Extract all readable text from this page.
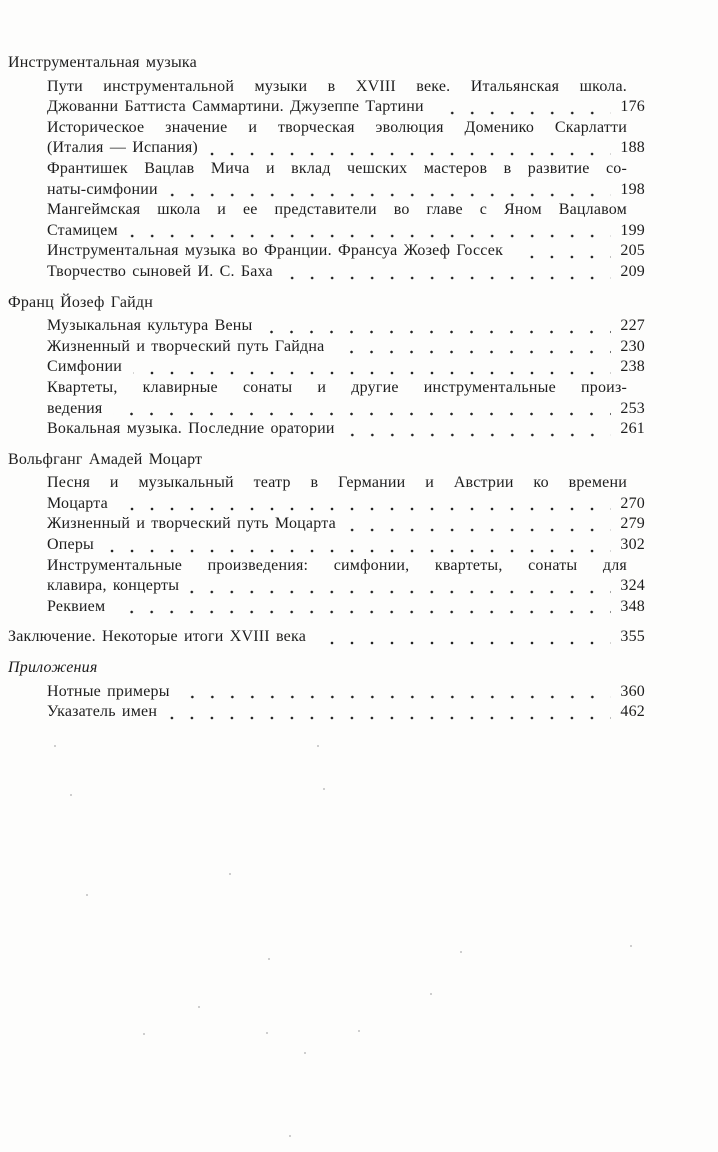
Инструментальная музыка
Пути инструментальной музыки в XVIII веке. Итальянская школа.
Джованни Баттиста Саммартини. Джузеппе Тартини	176
Историческое значение и творческая эволюция Доменико Скарлатти
(Италия — Испания)	188
Франтишек Вацлав Мича и вклад чешских мастеров в развитие со-
наты-симфонии	198
Мангеймская школа и ее представители во главе с Яном Вацлавом
Стамицем	199
Инструментальная музыка во Франции. Франсуа Жозеф Госсек	205
Творчество сыновей И. С. Баха	209
Франц Йозеф Гайдн
Музыкальная культура Вены	227
Жизненный и творческий путь Гайдна	230
Симфонии	238
Квартеты, клавирные сонаты и другие инструментальные произ-
ведения	253
Вокальная музыка. Последние оратории	261
Вольфганг Амадей Моцарт
Песня и музыкальный театр в Германии и Австрии ко времени
Моцарта	270
Жизненный и творческий путь Моцарта	279
Оперы	302
Инструментальные произведения: симфонии, квартеты, сонаты для
клавира, концерты	324
Реквием	348
Заключение. Некоторые итоги XVIII века	355
Приложения
Нотные примеры	360
Указатель имен	462
